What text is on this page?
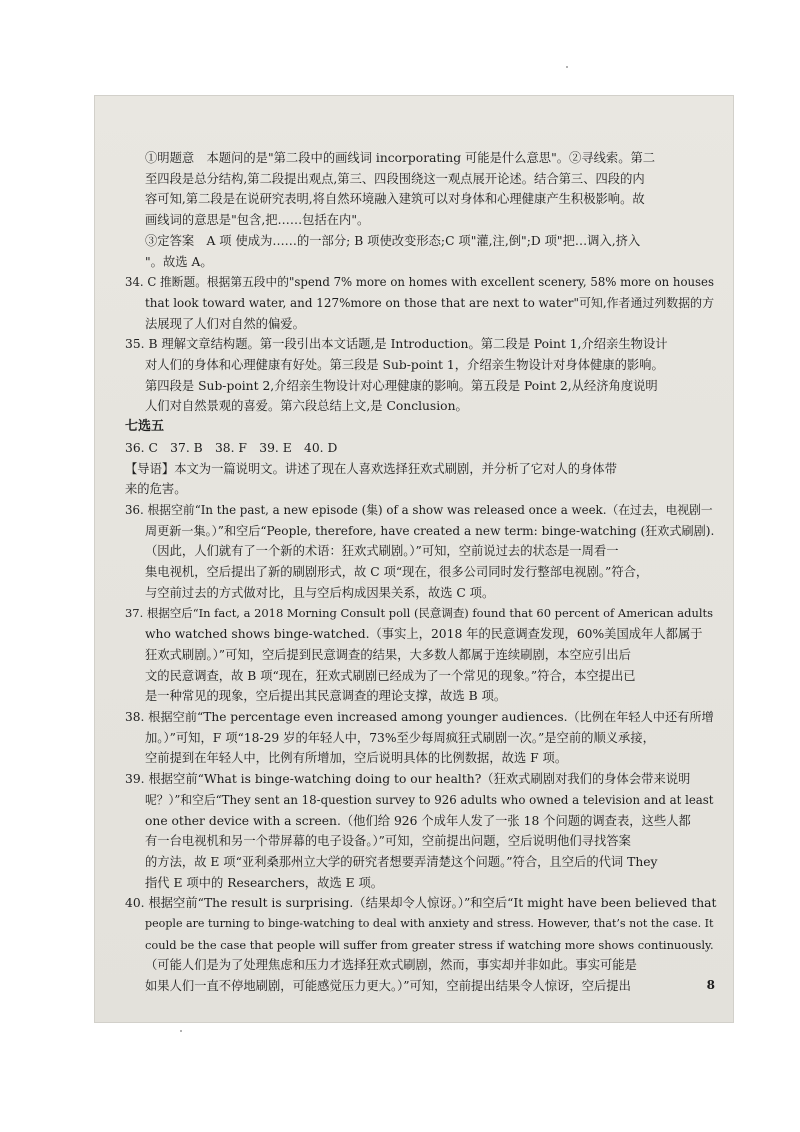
①明题意　本题问的是"第二段中的画线词 incorporating 可能是什么意思"。②寻线索。第二

至四段是总分结构,第二段提出观点,第三、四段围绕这一观点展开论述。结合第三、四段的内

容可知,第二段是在说研究表明,将自然环境融入建筑可以对身体和心理健康产生积极影响。故

画线词的意思是"包含,把……包括在内"。

③定答案　A 项 使成为……的一部分; B 项使改变形态;C 项"灌,注,倒";D 项"把…调入,挤入

"。故选 A。

34. C 推断题。根据第五段中的"spend 7% more on homes with excellent scenery, 58% more on houses

that look toward water, and 127%more on those that are next to water"可知,作者通过列数据的方

法展现了人们对自然的偏爱。

35. B 理解文章结构题。第一段引出本文话题,是 Introduction。第二段是 Point 1,介绍亲生物设计

对人们的身体和心理健康有好处。第三段是 Sub-point 1，介绍亲生物设计对身体健康的影响。

第四段是 Sub-point 2,介绍亲生物设计对心理健康的影响。第五段是 Point 2,从经济角度说明

人们对自然景观的喜爱。第六段总结上文,是 Conclusion。

七选五

36. C　37. B　38. F　39. E　40. D

【导语】本文为一篇说明文。讲述了现在人喜欢选择狂欢式刷剧，并分析了它对人的身体带

来的危害。

36. 根据空前“In the past, a new episode (集) of a show was released once a week.（在过去，电视剧一

周更新一集。）”和空后“People, therefore, have created a new term: binge-watching (狂欢式刷剧).

（因此，人们就有了一个新的术语：狂欢式刷剧。）”可知，空前说过去的状态是一周看一

集电视机，空后提出了新的刷剧形式，故 C 项“现在，很多公司同时发行整部电视剧。”符合，

与空前过去的方式做对比，且与空后构成因果关系，故选 C 项。

37. 根据空后“In fact, a 2018 Morning Consult poll (民意调查) found that 60 percent of American adults

who watched shows binge-watched.（事实上，2018 年的民意调查发现，60%美国成年人都属于

狂欢式刷剧。）”可知，空后提到民意调查的结果，大多数人都属于连续刷剧，本空应引出后

文的民意调查，故 B 项“现在，狂欢式刷剧已经成为了一个常见的现象。”符合，本空提出已

是一种常见的现象，空后提出其民意调查的理论支撑，故选 B 项。

38. 根据空前“The percentage even increased among younger audiences.（比例在年轻人中还有所增

加。）”可知，F 项“18-29 岁的年轻人中，73%至少每周疯狂式刷剧一次。”是空前的顺义承接，

空前提到在年轻人中，比例有所增加，空后说明具体的比例数据，故选 F 项。

39. 根据空前“What is binge-watching doing to our health?（狂欢式刷剧对我们的身体会带来说明

呢？）”和空后“They sent an 18-question survey to 926 adults who owned a television and at least

one other device with a screen.（他们给 926 个成年人发了一张 18 个问题的调查表，这些人都

有一台电视机和另一个带屏幕的电子设备。）”可知，空前提出问题，空后说明他们寻找答案

的方法，故 E 项“亚利桑那州立大学的研究者想要弄清楚这个问题。”符合，且空后的代词 They

指代 E 项中的 Researchers，故选 E 项。

40. 根据空前“The result is surprising.（结果却令人惊讶。）”和空后“It might have been believed that

people are turning to binge-watching to deal with anxiety and stress. However, that’s not the case. It

could be the case that people will suffer from greater stress if watching more shows continuously.

（可能人们是为了处理焦虑和压力才选择狂欢式刷剧，然而，事实却并非如此。事实可能是

如果人们一直不停地刷剧，可能感觉压力更大。）”可知，空前提出结果令人惊讶，空后提出	8
